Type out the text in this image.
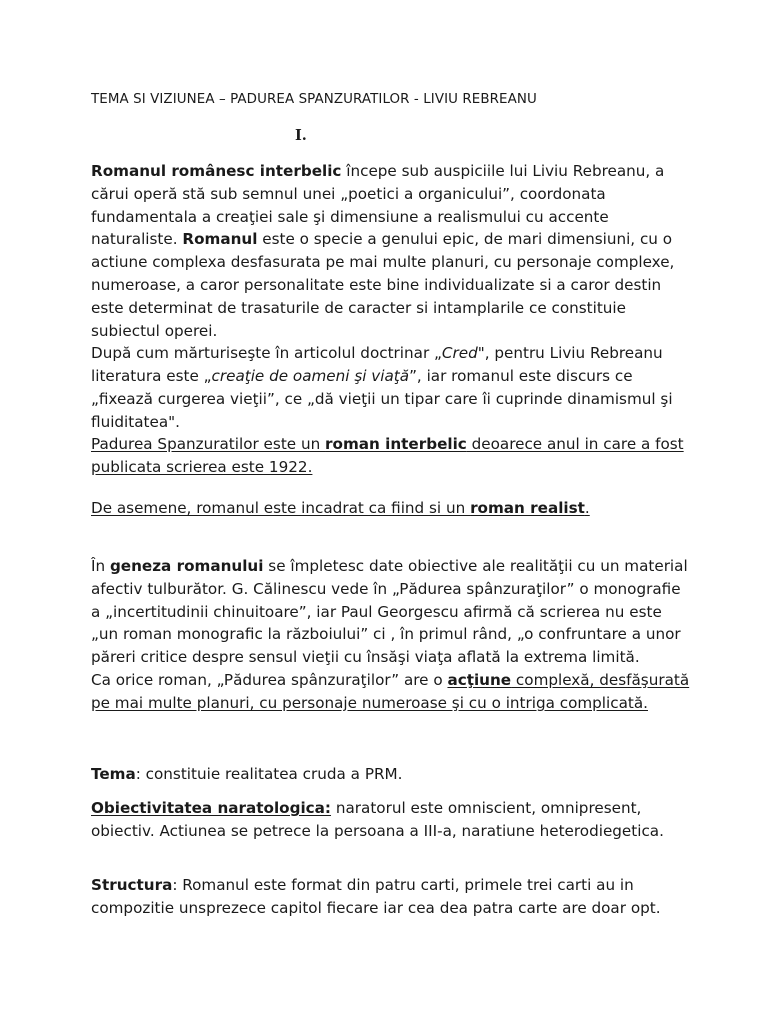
TEMA SI VIZIUNEA – PADUREA SPANZURATILOR - LIVIU REBREANU
I.

Romanul românesc interbelic începe sub auspiciile lui Liviu Rebreanu, a cărui operă stă sub semnul unei „poetici a organicului”, coordonata fundamentala a creaţiei sale şi dimensiune a realismului cu accente naturaliste. Romanul este o specie a genului epic, de mari dimensiuni, cu o actiune complexa desfasurata pe mai multe planuri, cu personaje complexe, numeroase, a caror personalitate este bine individualizate si a caror destin este determinat de trasaturile de caracter si intamplarile ce constituie subiectul operei.
După cum mărturiseşte în articolul doctrinar „Cred", pentru Liviu Rebreanu literatura este „creaţie de oameni şi viaţă”, iar romanul este discurs ce „fixează curgerea vieţii”, ce „dă vieţii un tipar care îi cuprinde dinamismul şi fluiditatea".

Padurea Spanzuratilor este un roman interbelic deoarece anul in care a fost publicata scrierea este 1922.

De asemene, romanul este incadrat ca fiind si un roman realist.

În geneza romanului se împletesc date obiective ale realităţii cu un material afectiv tulburător. G. Călinescu vede în „Pădurea spânzuraţilor” o monografie a „incertitudinii chinuitoare”, iar Paul Georgescu afirmă că scrierea nu este „un roman monografic la războiului” ci , în primul rând, „o confruntare a unor păreri critice despre sensul vieţii cu însăşi viaţa aflată la extrema limită.
Ca orice roman, „Pădurea spânzuraţilor” are o acţiune complexă, desfăşurată pe mai multe planuri, cu personaje numeroase şi cu o intriga complicată.

Tema: constituie realitatea cruda a PRM.

Obiectivitatea naratologica: naratorul este omniscient, omnipresent, obiectiv. Actiunea se petrece la persoana a III-a, naratiune heterodiegetica.

Structura: Romanul este format din patru carti, primele trei carti au in compozitie unsprezece capitol fiecare iar cea dea patra carte are doar opt.
